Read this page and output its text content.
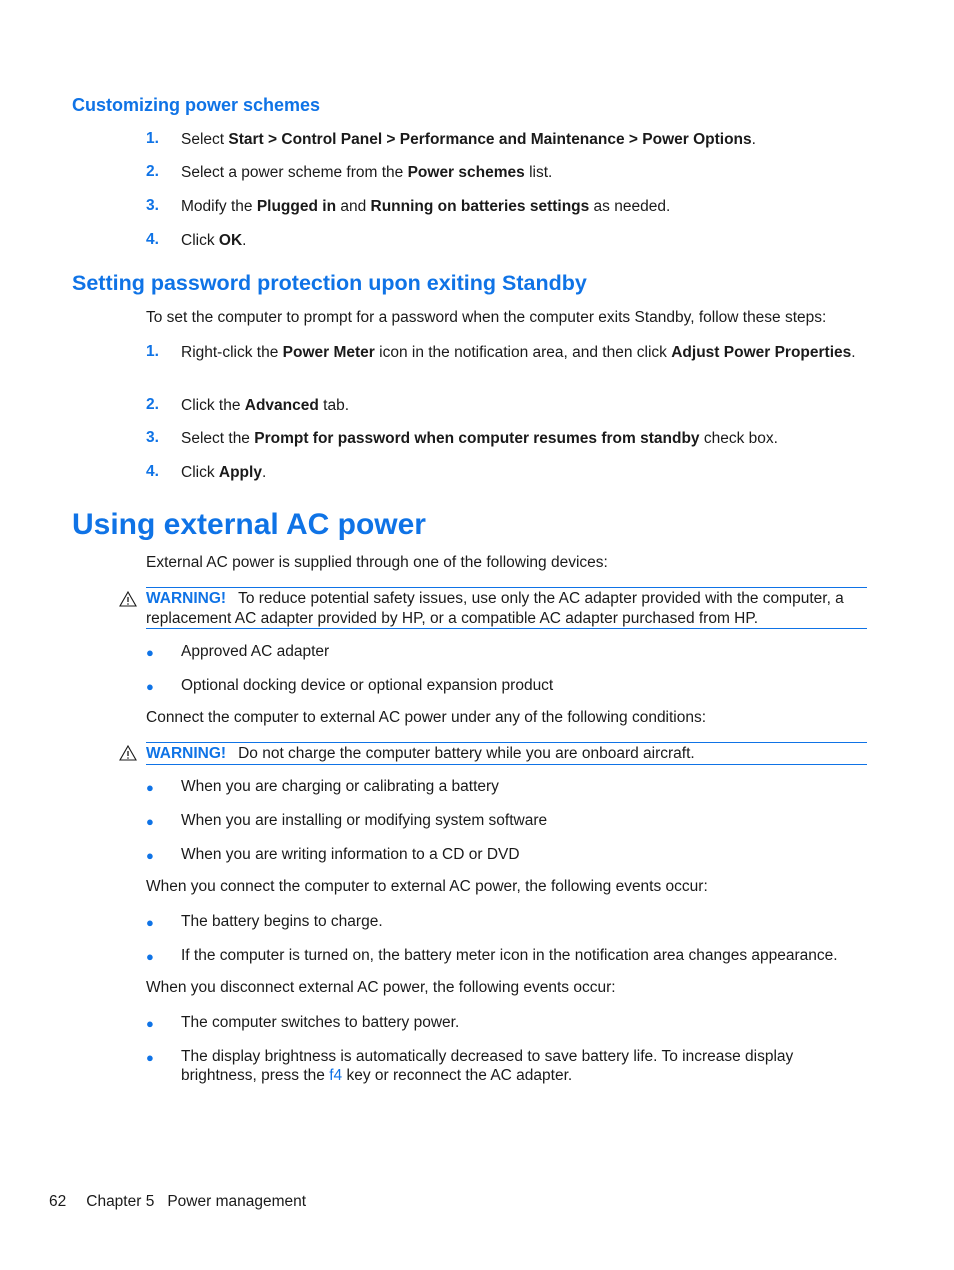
Customizing power schemes
1.	Select Start > Control Panel > Performance and Maintenance > Power Options.
2.	Select a power scheme from the Power schemes list.
3.	Modify the Plugged in and Running on batteries settings as needed.
4.	Click OK.
Setting password protection upon exiting Standby
To set the computer to prompt for a password when the computer exits Standby, follow these steps:
1.	Right-click the Power Meter icon in the notification area, and then click Adjust Power Properties.
2.	Click the Advanced tab.
3.	Select the Prompt for password when computer resumes from standby check box.
4.	Click Apply.
Using external AC power
External AC power is supplied through one of the following devices:
WARNING! To reduce potential safety issues, use only the AC adapter provided with the computer, a replacement AC adapter provided by HP, or a compatible AC adapter purchased from HP.
● Approved AC adapter
● Optional docking device or optional expansion product
Connect the computer to external AC power under any of the following conditions:
WARNING! Do not charge the computer battery while you are onboard aircraft.
● When you are charging or calibrating a battery
● When you are installing or modifying system software
● When you are writing information to a CD or DVD
When you connect the computer to external AC power, the following events occur:
● The battery begins to charge.
● If the computer is turned on, the battery meter icon in the notification area changes appearance.
When you disconnect external AC power, the following events occur:
● The computer switches to battery power.
● The display brightness is automatically decreased to save battery life. To increase display brightness, press the f4 key or reconnect the AC adapter.
62 Chapter 5 Power management
